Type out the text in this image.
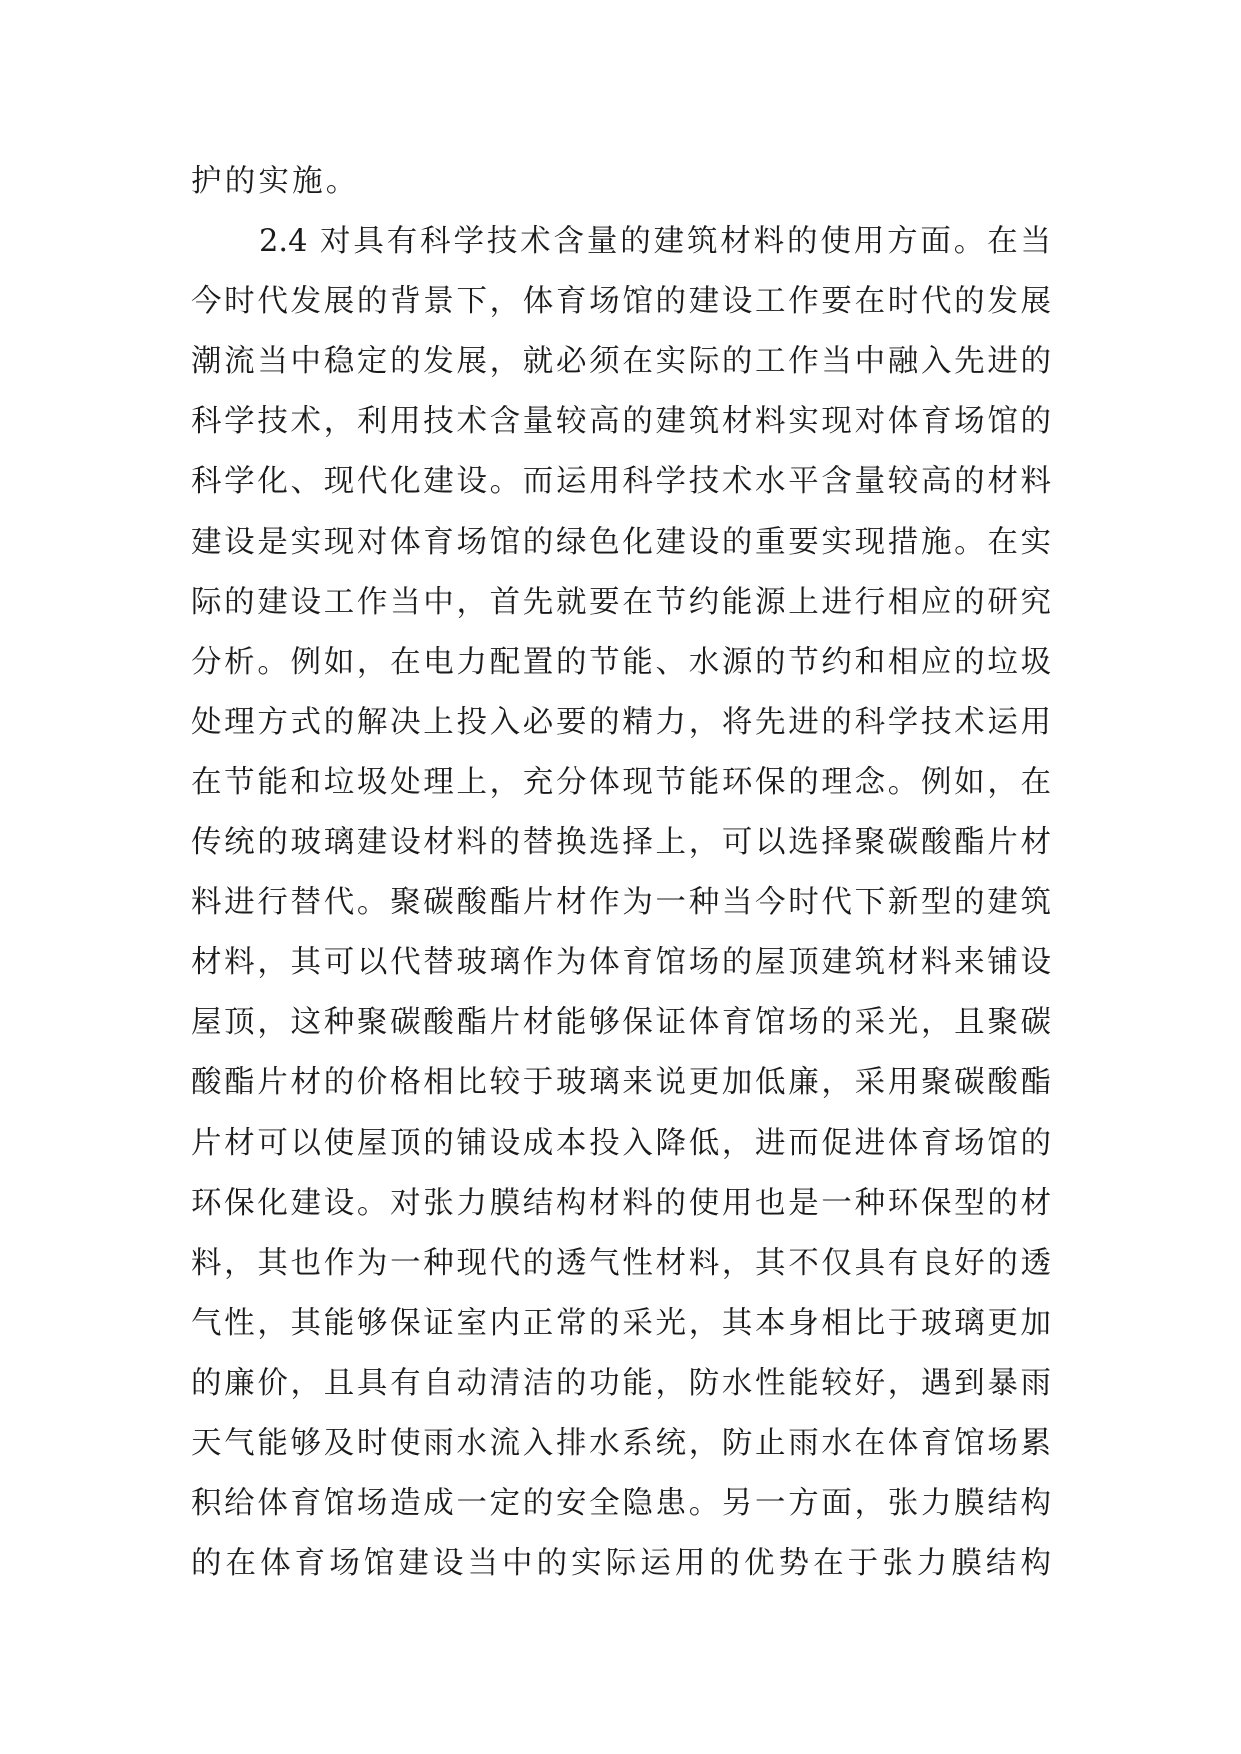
护的实施。
2.4 对具有科学技术含量的建筑材料的使用方面。在当
今时代发展的背景下，体育场馆的建设工作要在时代的发展
潮流当中稳定的发展，就必须在实际的工作当中融入先进的
科学技术，利用技术含量较高的建筑材料实现对体育场馆的
科学化、现代化建设。而运用科学技术水平含量较高的材料
建设是实现对体育场馆的绿色化建设的重要实现措施。在实
际的建设工作当中，首先就要在节约能源上进行相应的研究
分析。例如，在电力配置的节能、水源的节约和相应的垃圾
处理方式的解决上投入必要的精力，将先进的科学技术运用
在节能和垃圾处理上，充分体现节能环保的理念。例如，在
传统的玻璃建设材料的替换选择上，可以选择聚碳酸酯片材
料进行替代。聚碳酸酯片材作为一种当今时代下新型的建筑
材料，其可以代替玻璃作为体育馆场的屋顶建筑材料来铺设
屋顶，这种聚碳酸酯片材能够保证体育馆场的采光，且聚碳
酸酯片材的价格相比较于玻璃来说更加低廉，采用聚碳酸酯
片材可以使屋顶的铺设成本投入降低，进而促进体育场馆的
环保化建设。对张力膜结构材料的使用也是一种环保型的材
料，其也作为一种现代的透气性材料，其不仅具有良好的透
气性，其能够保证室内正常的采光，其本身相比于玻璃更加
的廉价，且具有自动清洁的功能，防水性能较好，遇到暴雨
天气能够及时使雨水流入排水系统，防止雨水在体育馆场累
积给体育馆场造成一定的安全隐患。另一方面，张力膜结构
的在体育场馆建设当中的实际运用的优势在于张力膜结构
